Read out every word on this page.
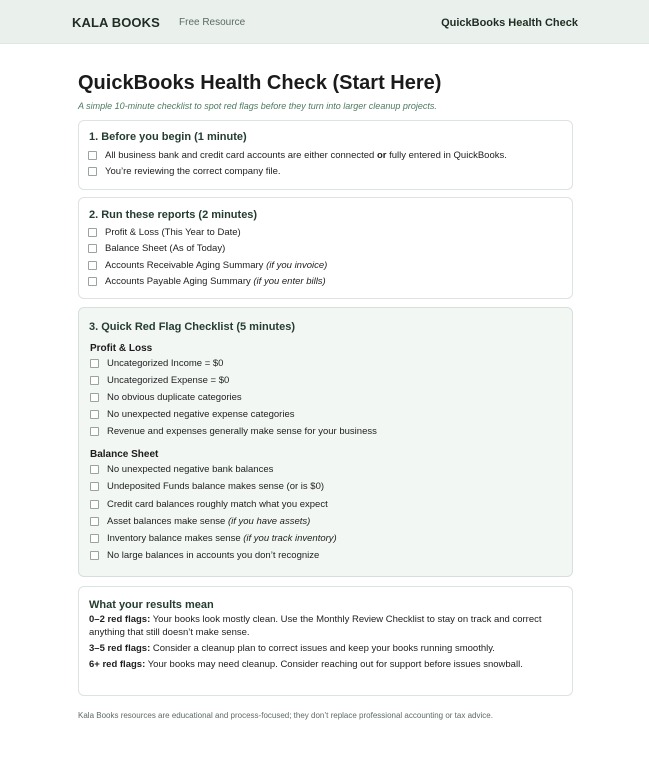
KALA BOOKS Free Resource	QuickBooks Health Check
QuickBooks Health Check (Start Here)

A simple 10-minute checklist to spot red flags before they turn into larger cleanup projects.

1. Before you begin (1 minute)
All business bank and credit card accounts are either connected or fully entered in QuickBooks.
You’re reviewing the correct company file.
2. Run these reports (2 minutes)
Profit & Loss (This Year to Date)
Balance Sheet (As of Today)
Accounts Receivable Aging Summary (if you invoice)
Accounts Payable Aging Summary (if you enter bills)
3. Quick Red Flag Checklist (5 minutes)
Profit & Loss
Uncategorized Income = $0
Uncategorized Expense = $0
No obvious duplicate categories
No unexpected negative expense categories
Revenue and expenses generally make sense for your business
Balance Sheet
No unexpected negative bank balances
Undeposited Funds balance makes sense (or is $0)
Credit card balances roughly match what you expect
Asset balances make sense (if you have assets)
Inventory balance makes sense (if you track inventory)
No large balances in accounts you don’t recognize
What your results mean
0–2 red flags: Your books look mostly clean. Use the Monthly Review Checklist to stay on track and correct anything that still doesn’t make sense.
3–5 red flags: Consider a cleanup plan to correct issues and keep your books running smoothly.
6+ red flags: Your books may need cleanup. Consider reaching out for support before issues snowball.

Kala Books resources are educational and process-focused; they don’t replace professional accounting or tax advice.
